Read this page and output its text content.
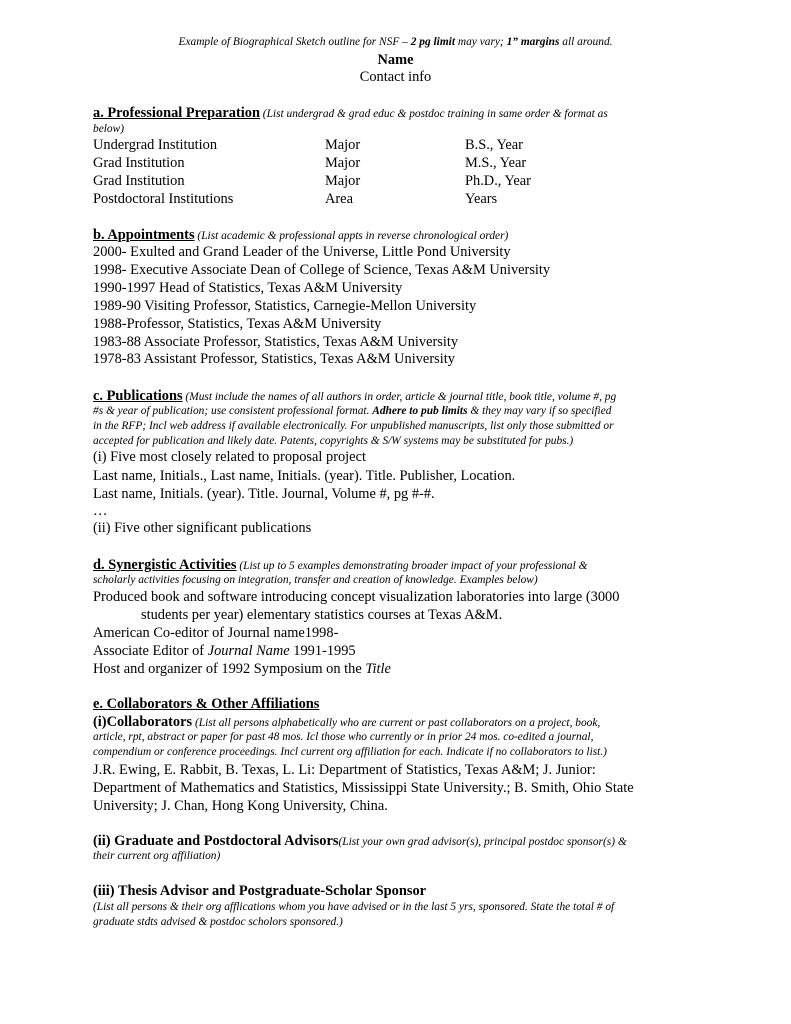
Example of Biographical Sketch outline for NSF – 2 pg limit may vary; 1” margins all around.
Name
Contact info
a. Professional Preparation (List undergrad & grad educ & postdoc training in same order & format as
below)
Undergrad Institution	Major	B.S., Year
Grad Institution	Major	M.S., Year
Grad Institution	Major	Ph.D., Year
Postdoctoral Institutions	Area	Years
b. Appointments (List academic & professional appts in reverse chronological order)
2000- Exulted and Grand Leader of the Universe, Little Pond University
1998- Executive Associate Dean of College of Science, Texas A&M University
1990-1997 Head of Statistics, Texas A&M University
1989-90 Visiting Professor, Statistics, Carnegie-Mellon University
1988-Professor, Statistics, Texas A&M University
1983-88 Associate Professor, Statistics, Texas A&M University
1978-83 Assistant Professor, Statistics, Texas A&M University
c. Publications (Must include the names of all authors in order, article & journal title, book title, volume #, pg
#s & year of publication; use consistent professional format. Adhere to pub limits & they may vary if so specified
in the RFP; Incl web address if available electronically. For unpublished manuscripts, list only those submitted or
accepted for publication and likely date. Patents, copyrights & S/W systems may be substituted for pubs.)
(i) Five most closely related to proposal project
Last name, Initials., Last name, Initials. (year). Title. Publisher, Location.
Last name, Initials. (year). Title. Journal, Volume #, pg #-#.
…
(ii) Five other significant publications
d. Synergistic Activities (List up to 5 examples demonstrating broader impact of your professional &
scholarly activities focusing on integration, transfer and creation of knowledge. Examples below)
Produced book and software introducing concept visualization laboratories into large (3000
students per year) elementary statistics courses at Texas A&M.
American Co-editor of Journal name1998-
Associate Editor of Journal Name 1991-1995
Host and organizer of 1992 Symposium on the Title
e. Collaborators & Other Affiliations
(i)Collaborators (List all persons alphabetically who are current or past collaborators on a project, book,
article, rpt, abstract or paper for past 48 mos. Icl those who currently or in prior 24 mos. co-edited a journal,
compendium or conference proceedings. Incl current org affiliation for each. Indicate if no collaborators to list.)
J.R. Ewing, E. Rabbit, B. Texas, L. Li: Department of Statistics, Texas A&M; J. Junior:
Department of Mathematics and Statistics, Mississippi State University.; B. Smith, Ohio State
University; J. Chan, Hong Kong University, China.
(ii) Graduate and Postdoctoral Advisors(List your own grad advisor(s), principal postdoc sponsor(s) &
their current org affiliation)
(iii) Thesis Advisor and Postgraduate-Scholar Sponsor
(List all persons & their org afflications whom you have advised or in the last 5 yrs, sponsored. State the total # of
graduate stdts advised & postdoc scholors sponsored.)
